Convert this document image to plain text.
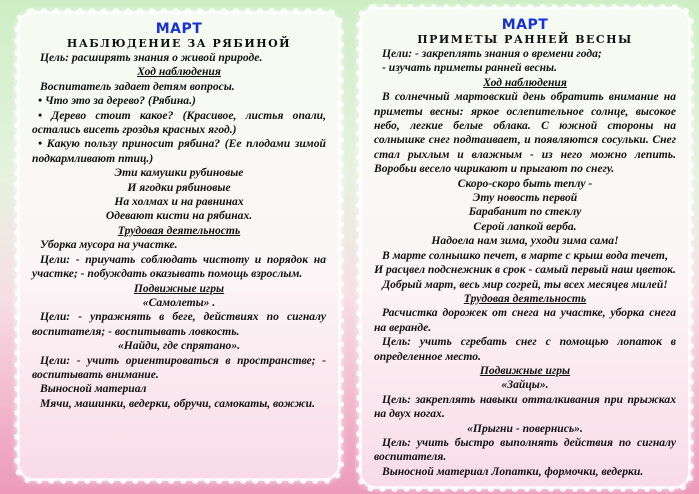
МАРТ
НАБЛЮДЕНИЕ ЗА РЯБИНОЙ
Цель: расширять знания о живой природе.
Ход наблюдения
Воспитатель задает детям вопросы.
• Что это за дерево? (Рябина.)
• Дерево стоит какое? (Красивое, листья опали, остались висеть гроздья красных ягод.)
• Какую пользу приносит рябина? (Ее плодами зимой подкармливают птиц.)
Эти камушки рубиновые
И ягодки рябиновые
На холмах и на равнинах
Одевают кисти на рябинах.
Трудовая деятельность
Уборка мусора на участке.
Цели: - приучать соблюдать чистоту и порядок на участке; - побуждать оказывать помощь взрослым.
Подвижные игры
«Самолеты» .
Цели: - упражнять в беге, действиях по сигналу воспитателя; - воспитывать ловкость.
«Найди, где спрятано».
Цели: - учить ориентироваться в пространстве; - воспитывать внимание.
Выносной материал
Мячи, машинки, ведерки, обручи, самокаты, вожжи.
МАРТ
ПРИМЕТЫ РАННЕЙ ВЕСНЫ
Цели: - закреплять знания о времени года;
- изучать приметы ранней весны.
Ход наблюдения
В солнечный мартовский день обратить внимание на приметы весны: яркое ослепительное солнце, высокое небо, легкие белые облака. С южной стороны на солнышке снег подтаивает, и появляются сосульки. Снег стал рыхлым и влажным - из него можно лепить. Воробьи весело чирикают и прыгают по снегу.
Скоро-скоро быть теплу -
Эту новость первой
Барабанит по стеклу
Серой лапкой верба.
Надоела нам зима, уходи зима сама!
В марте солнышко печет, в марте с крыш вода течет,
И расцвел подснежник в срок - самый первый наш цветок.
Добрый март, весь мир согрей, ты всех месяцев милей!
Трудовая деятельность
Расчистка дорожек от снега на участке, уборка снега на веранде.
Цель: учить сгребать снег с помощью лопаток в определенное место.
Подвижные игры
«Зайцы».
Цель: закреплять навыки отталкивания при прыжках на двух ногах.
«Прыгни - повернись».
Цель: учить быстро выполнять действия по сигналу воспитателя.
Выносной материал Лопатки, формочки, ведерки.
